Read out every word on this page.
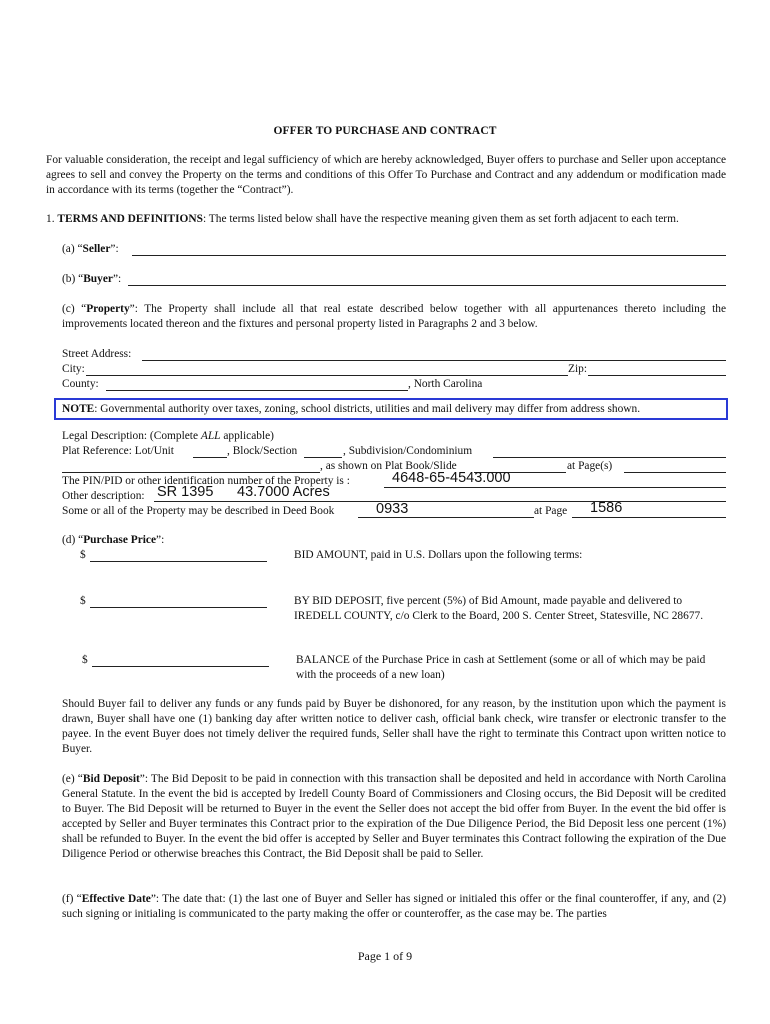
OFFER TO PURCHASE AND CONTRACT
For valuable consideration, the receipt and legal sufficiency of which are hereby acknowledged, Buyer offers to purchase and Seller upon acceptance agrees to sell and convey the Property on the terms and conditions of this Offer To Purchase and Contract and any addendum or modification made in accordance with its terms (together the “Contract”).
1. TERMS AND DEFINITIONS: The terms listed below shall have the respective meaning given them as set forth adjacent to each term.
(a) “Seller”:
(b) “Buyer”:
(c) “Property”: The Property shall include all that real estate described below together with all appurtenances thereto including the improvements located thereon and the fixtures and personal property listed in Paragraphs 2 and 3 below.
Street Address:
City:	Zip:
County:	, North Carolina
NOTE: Governmental authority over taxes, zoning, school districts, utilities and mail delivery may differ from address shown.
Legal Description: (Complete ALL applicable)
Plat Reference: Lot/Unit	, Block/Section	, Subdivision/Condominium
, as shown on Plat Book/Slide	at Page(s)
The PIN/PID or other identification number of the Property is :	4648-65-4543.000
Other description: SR 1395 43.7000 Acres
Some or all of the Property may be described in Deed Book	0933	at Page 1586
(d) “Purchase Price”:
$	BID AMOUNT, paid in U.S. Dollars upon the following terms:
$	BY BID DEPOSIT, five percent (5%) of Bid Amount, made payable and delivered to IREDELL COUNTY, c/o Clerk to the Board, 200 S. Center Street, Statesville, NC 28677.
$	BALANCE of the Purchase Price in cash at Settlement (some or all of which may be paid with the proceeds of a new loan)
Should Buyer fail to deliver any funds or any funds paid by Buyer be dishonored, for any reason, by the institution upon which the payment is drawn, Buyer shall have one (1) banking day after written notice to deliver cash, official bank check, wire transfer or electronic transfer to the payee. In the event Buyer does not timely deliver the required funds, Seller shall have the right to terminate this Contract upon written notice to Buyer.
(e) “Bid Deposit”: The Bid Deposit to be paid in connection with this transaction shall be deposited and held in accordance with North Carolina General Statute. In the event the bid is accepted by Iredell County Board of Commissioners and Closing occurs, the Bid Deposit will be credited to Buyer. The Bid Deposit will be returned to Buyer in the event the Seller does not accept the bid offer from Buyer. In the event the bid offer is accepted by Seller and Buyer terminates this Contract prior to the expiration of the Due Diligence Period, the Bid Deposit less one percent (1%) shall be refunded to Buyer. In the event the bid offer is accepted by Seller and Buyer terminates this Contract following the expiration of the Due Diligence Period or otherwise breaches this Contract, the Bid Deposit shall be paid to Seller.
(f) “Effective Date”: The date that: (1) the last one of Buyer and Seller has signed or initialed this offer or the final counteroffer, if any, and (2) such signing or initialing is communicated to the party making the offer or counteroffer, as the case may be. The parties
Page 1 of 9
